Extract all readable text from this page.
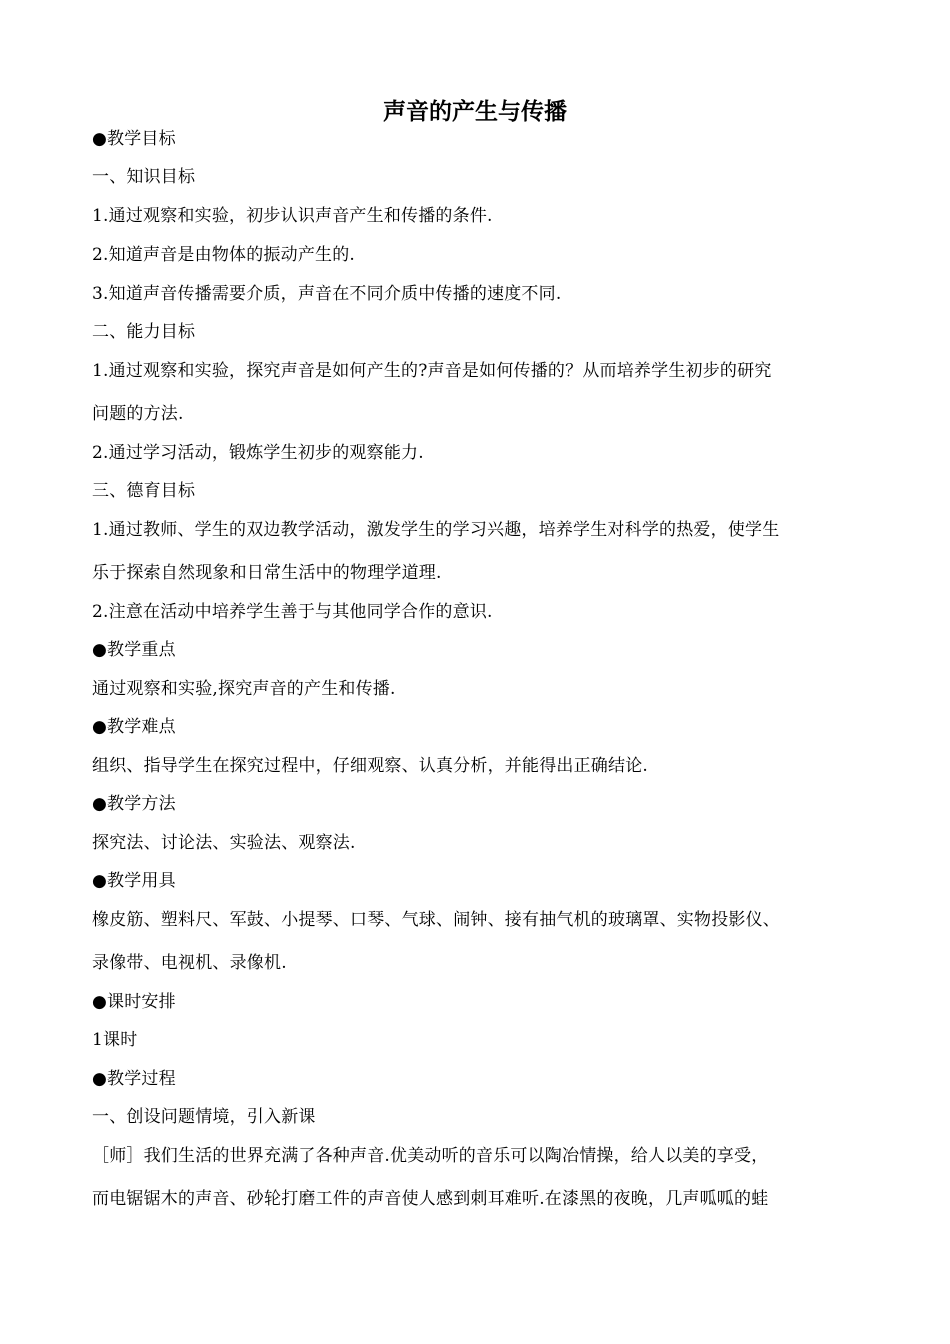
声音的产生与传播
●教学目标
一、知识目标
1.通过观察和实验，初步认识声音产生和传播的条件.
2.知道声音是由物体的振动产生的.
3.知道声音传播需要介质，声音在不同介质中传播的速度不同.
二、能力目标
1.通过观察和实验，探究声音是如何产生的?声音是如何传播的？从而培养学生初步的研究
问题的方法.
2.通过学习活动，锻炼学生初步的观察能力.
三、德育目标
1.通过教师、学生的双边教学活动，激发学生的学习兴趣，培养学生对科学的热爱，使学生
乐于探索自然现象和日常生活中的物理学道理.
2.注意在活动中培养学生善于与其他同学合作的意识.
●教学重点
通过观察和实验,探究声音的产生和传播.
●教学难点
组织、指导学生在探究过程中，仔细观察、认真分析，并能得出正确结论.
●教学方法
探究法、讨论法、实验法、观察法.
●教学用具
橡皮筋、塑料尺、军鼓、小提琴、口琴、气球、闹钟、接有抽气机的玻璃罩、实物投影仪、
录像带、电视机、录像机.
●课时安排
1课时
●教学过程
一、创设问题情境，引入新课
［师］我们生活的世界充满了各种声音.优美动听的音乐可以陶冶情操，给人以美的享受，
而电锯锯木的声音、砂轮打磨工件的声音使人感到刺耳难听.在漆黑的夜晚，几声呱呱的蛙
